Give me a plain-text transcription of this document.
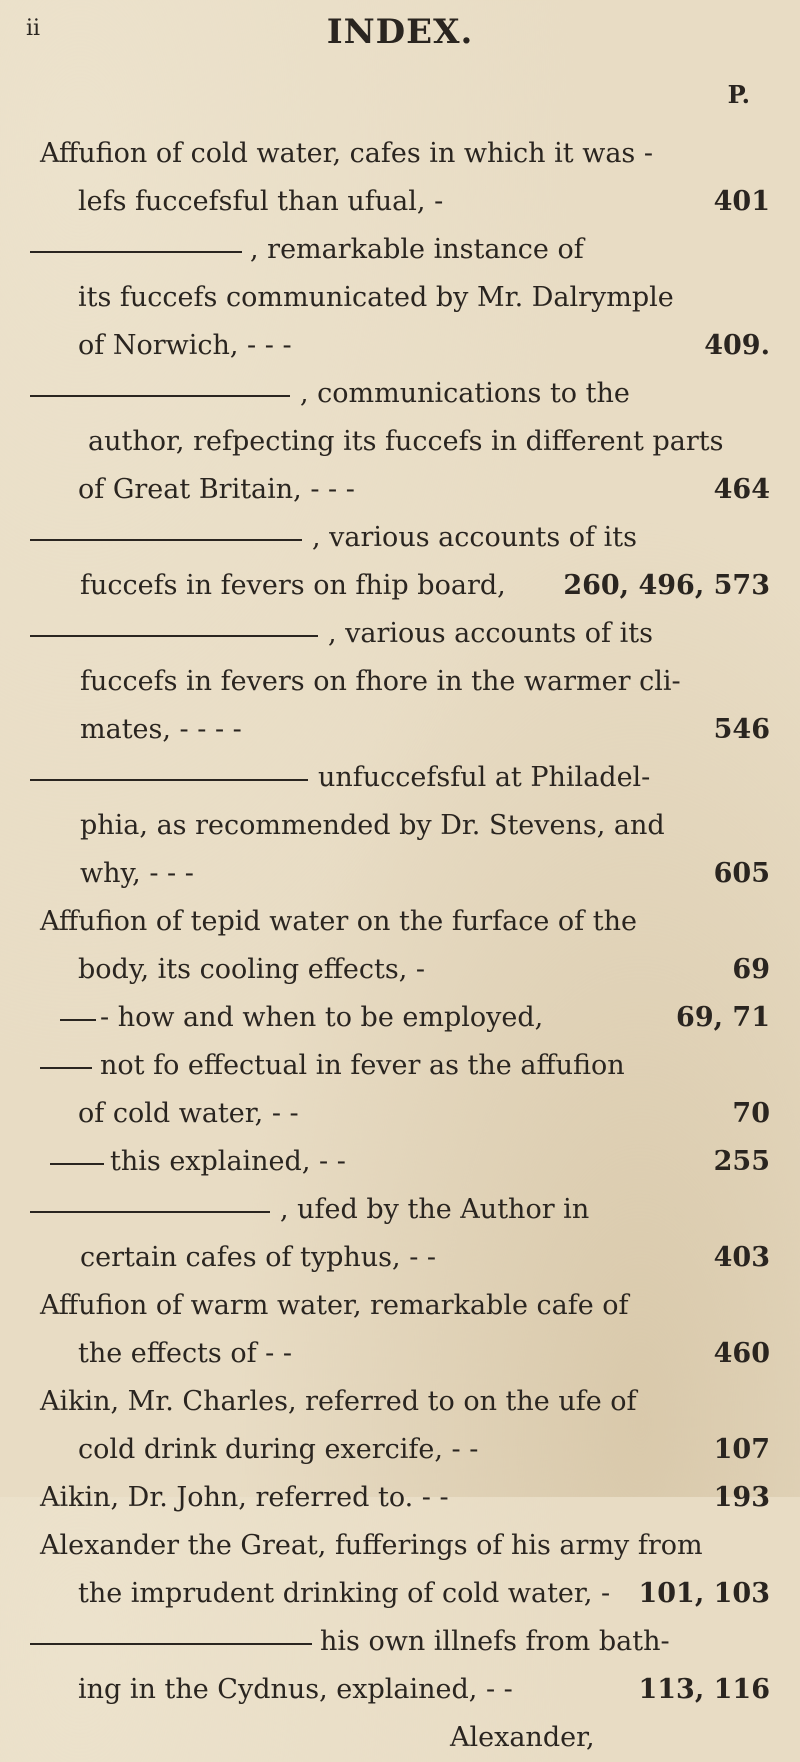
ii	INDEX.
P.
Affufion of cold water, cafes in which it was -
lefs fuccefsful than ufual, -	401
, remarkable instance of
its fuccefs communicated by Mr. Dalrymple
of Norwich, - - -	409.
, communications to the
author, refpecting its fuccefs in different parts
of Great Britain, - - -	464
, various accounts of its
fuccefs in fevers on fhip board, 260, 496, 573
, various accounts of its
fuccefs in fevers on fhore in the warmer cli-
mates, - - - -	546
unfuccefsful at Philadel-
phia, as recommended by Dr. Stevens, and
why, - - -	605
Affufion of tepid water on the furface of the
body, its cooling effects, -	69
- how and when to be employed,	69, 71
not fo effectual in fever as the affufion
of cold water, - -	70
this explained, - -	255
, ufed by the Author in
certain cafes of typhus, - -	403
Affufion of warm water, remarkable cafe of
the effects of - -	460
Aikin, Mr. Charles, referred to on the ufe of
cold drink during exercife, - -	107
Aikin, Dr. John, referred to. - -	193
Alexander the Great, fufferings of his army from
the imprudent drinking of cold water, - 101, 103
his own illnefs from bath-
ing in the Cydnus, explained, - -	113, 116
Alexander,
